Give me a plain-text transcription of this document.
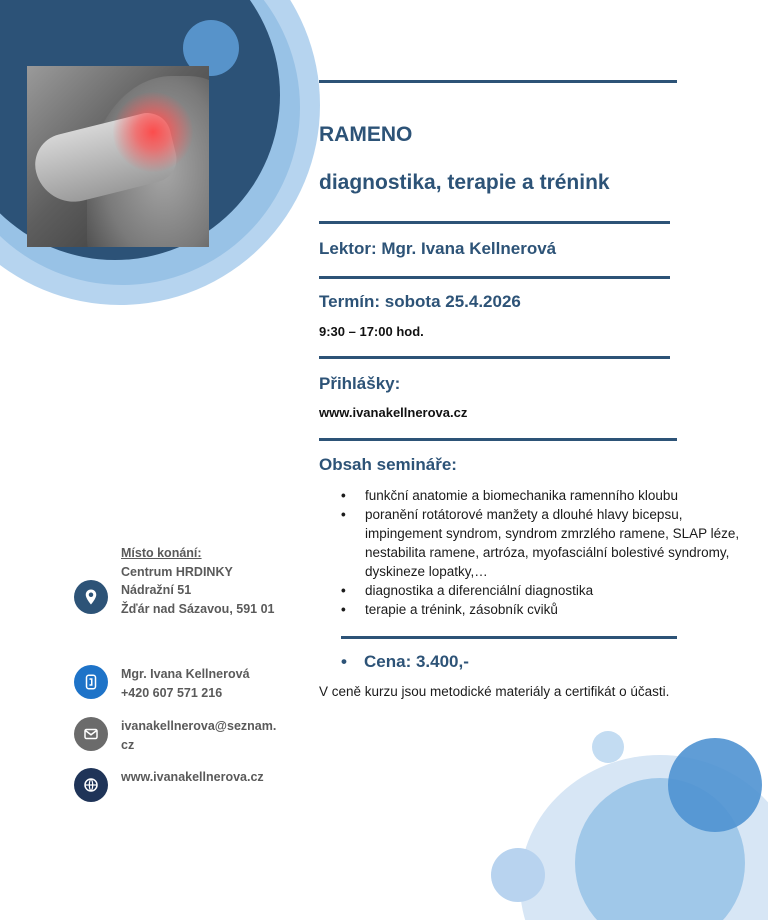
RAMENO
diagnostika, terapie a trénink
Lektor: Mgr. Ivana Kellnerová
Termín: sobota 25.4.2026
9:30 – 17:00 hod.
Přihlášky:
www.ivanakellnerova.cz
Obsah semináře:
• funkční anatomie a biomechanika ramenního kloubu
• poranění rotátorové manžety a dlouhé hlavy bicepsu, impingement syndrom, syndrom zmrzlého ramene, SLAP léze, nestabilita ramene, artróza, myofasciální bolestivé syndromy, dyskineze lopatky,…
• diagnostika a diferenciální diagnostika
• terapie a trénink, zásobník cviků
• Cena: 3.400,-
V ceně kurzu jsou metodické materiály a certifikát o účasti.
Místo konání:
Centrum HRDINKY
Nádražní 51
Žďár nad Sázavou, 591 01
Mgr. Ivana Kellnerová
+420 607 571 216
ivanakellnerova@seznam.cz
www.ivanakellnerova.cz
